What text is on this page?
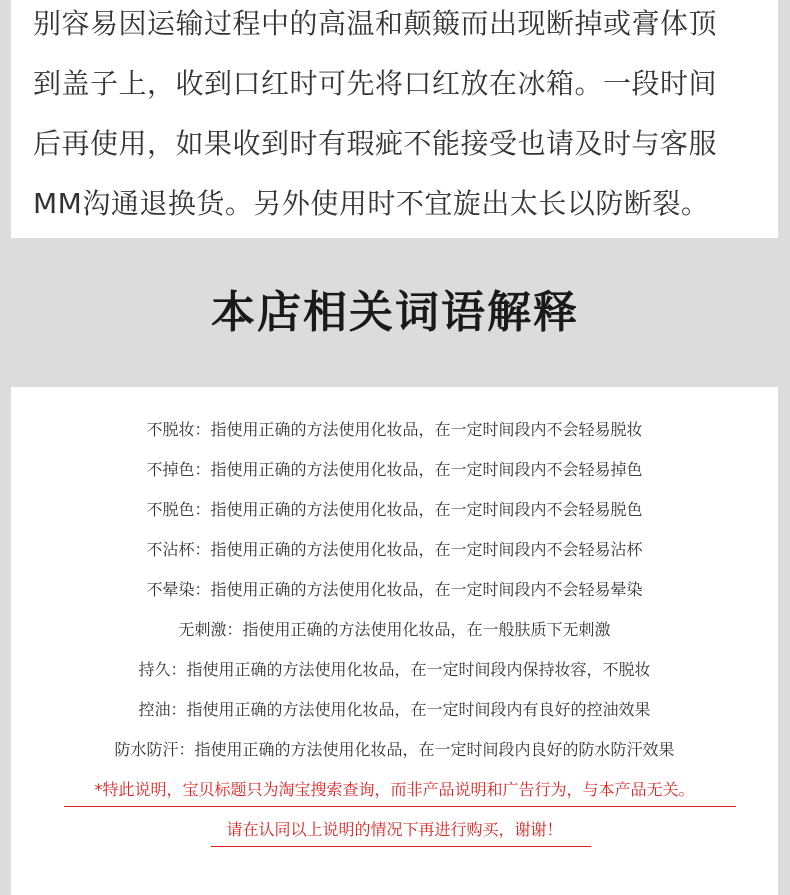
别容易因运输过程中的高温和颠簸而出现断掉或膏体顶
到盖子上，收到口红时可先将口红放在冰箱。一段时间
后再使用，如果收到时有瑕疵不能接受也请及时与客服
MM沟通退换货。另外使用时不宜旋出太长以防断裂。
本店相关词语解释
不脱妆：指使用正确的方法使用化妆品，在一定时间段内不会轻易脱妆
不掉色：指使用正确的方法使用化妆品，在一定时间段内不会轻易掉色
不脱色：指使用正确的方法使用化妆品，在一定时间段内不会轻易脱色
不沾杯：指使用正确的方法使用化妆品，在一定时间段内不会轻易沾杯
不晕染：指使用正确的方法使用化妆品，在一定时间段内不会轻易晕染
无刺激：指使用正确的方法使用化妆品，在一般肤质下无刺激
持久：指使用正确的方法使用化妆品，在一定时间段内保持妆容，不脱妆
控油：指使用正确的方法使用化妆品，在一定时间段内有良好的控油效果
防水防汗：指使用正确的方法使用化妆品，在一定时间段内良好的防水防汗效果
*特此说明，宝贝标题只为淘宝搜索查询，而非产品说明和广告行为，与本产品无关。
请在认同以上说明的情况下再进行购买，谢谢！
